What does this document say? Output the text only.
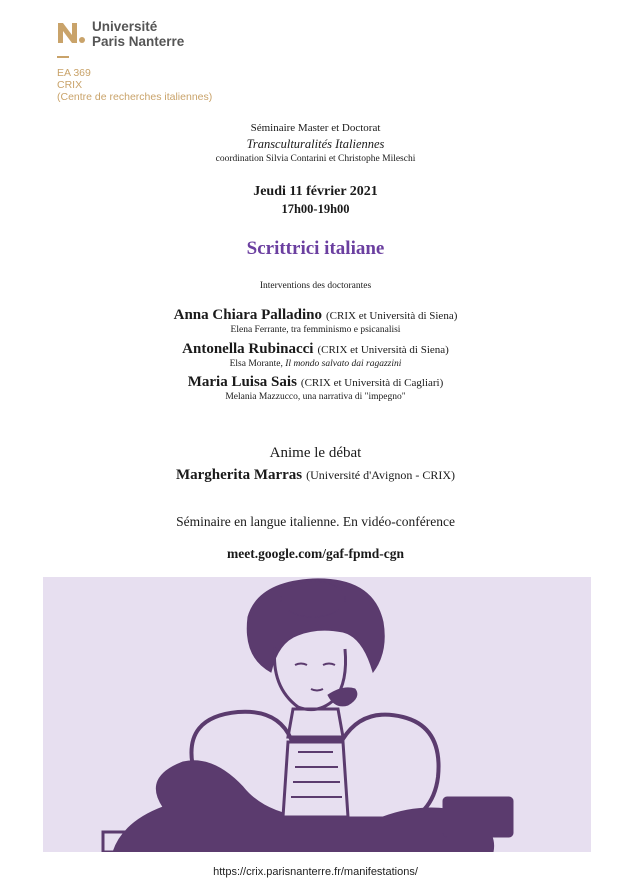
Université
Paris Nanterre
EA 369
CRIX
(Centre de recherches italiennes)
Séminaire Master et Doctorat
Transculturalités Italiennes
coordination Silvia Contarini et Christophe Mileschi
Jeudi 11 février 2021
17h00-19h00
Scrittrici italiane
Interventions des doctorantes
Anna Chiara Palladino (CRIX et Università di Siena)
Elena Ferrante, tra femminismo e psicanalisi
Antonella Rubinacci (CRIX et Università di Siena)
Elsa Morante, Il mondo salvato dai ragazzini
Maria Luisa Sais (CRIX et Università di Cagliari)
Melania Mazzucco, una narrativa di "impegno"
Anime le débat
Margherita Marras (Université d'Avignon - CRIX)
Séminaire en langue italienne. En vidéo-conférence
meet.google.com/gaf-fpmd-cgn
https://crix.parisnanterre.fr/manifestations/
